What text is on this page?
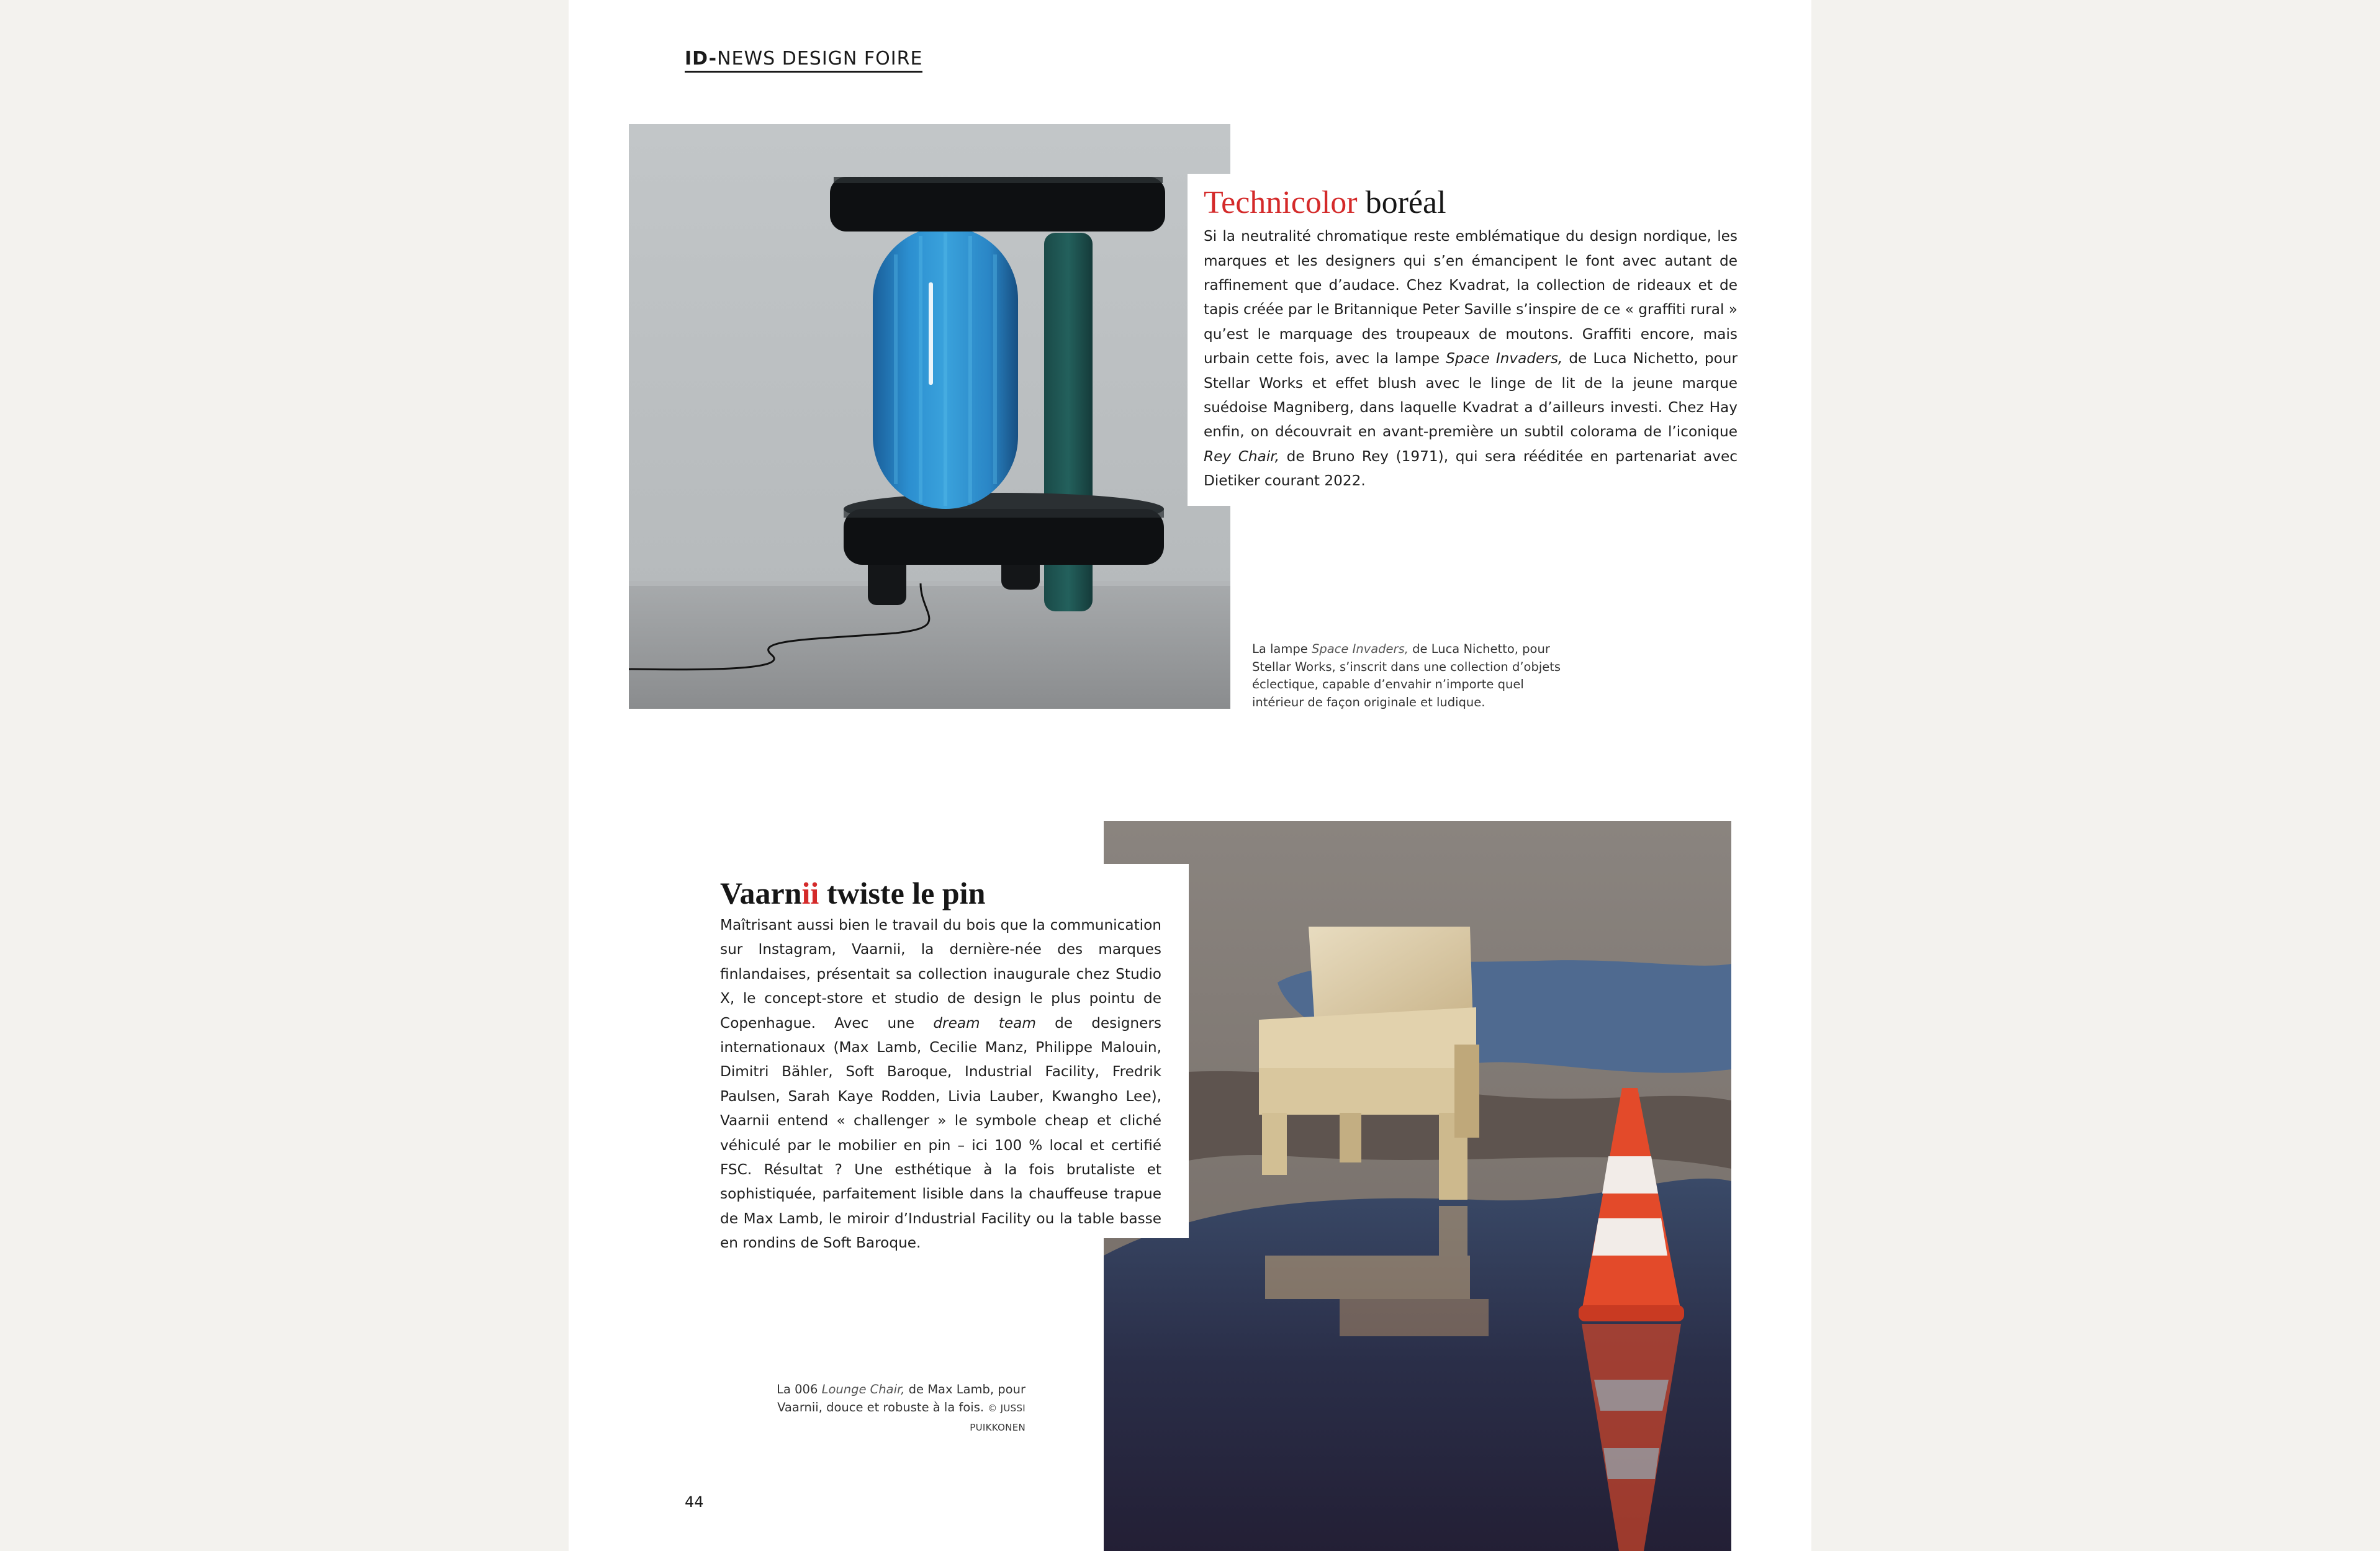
ID-NEWS DESIGN FOIRE
Technicolor boréal

Si la neutralité chromatique reste emblématique du design nordique, les marques et les designers qui s’en émancipent le font avec autant de raffinement que d’audace. Chez Kvadrat, la collection de rideaux et de tapis créée par le Britannique Peter Saville s’inspire de ce « graffiti rural » qu’est le marquage des troupeaux de moutons. Graffiti encore, mais urbain cette fois, avec la lampe Space Invaders, de Luca Nichetto, pour Stellar Works et effet blush avec le linge de lit de la jeune marque suédoise Magniberg, dans laquelle Kvadrat a d’ailleurs investi. Chez Hay enfin, on découvrait en avant-première un subtil colorama de l’iconique Rey Chair, de Bruno Rey (1971), qui sera rééditée en partenariat avec Dietiker courant 2022.

La lampe Space Invaders, de Luca Nichetto, pour Stellar Works, s’inscrit dans une collection d’objets éclectique, capable d’envahir n’importe quel intérieur de façon originale et ludique.
Vaarnii twiste le pin

Maîtrisant aussi bien le travail du bois que la communication sur Instagram, Vaarnii, la dernière-née des marques finlandaises, présentait sa collection inaugurale chez Studio X, le concept-store et studio de design le plus pointu de Copenhague. Avec une dream team de designers internationaux (Max Lamb, Cecilie Manz, Philippe Malouin, Dimitri Bähler, Soft Baroque, Industrial Facility, Fredrik Paulsen, Sarah Kaye Rodden, Livia Lauber, Kwangho Lee), Vaarnii entend « challenger » le symbole cheap et cliché véhiculé par le mobilier en pin – ici 100 % local et certifié FSC. Résultat ? Une esthétique à la fois brutaliste et sophistiquée, parfaitement lisible dans la chauffeuse trapue de Max Lamb, le miroir d’Industrial Facility ou la table basse en rondins de Soft Baroque.

La 006 Lounge Chair, de Max Lamb, pour Vaarnii, douce et robuste à la fois. © JUSSI PUIKKONEN
44
